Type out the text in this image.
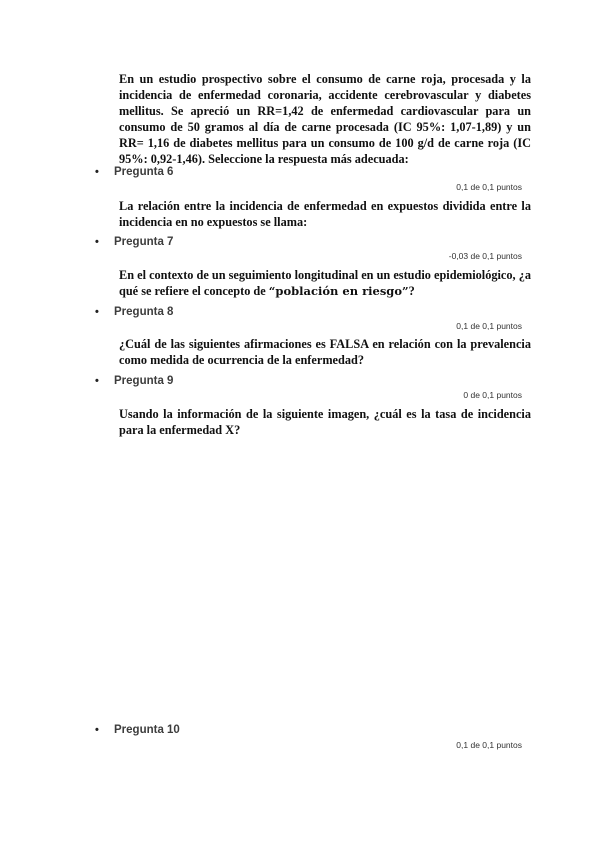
En un estudio prospectivo sobre el consumo de carne roja, procesada y la incidencia de enfermedad coronaria, accidente cerebrovascular y diabetes mellitus. Se apreció un RR=1,42 de enfermedad cardiovascular para un consumo de 50 gramos al día de carne procesada (IC 95%: 1,07-1,89) y un RR= 1,16 de diabetes mellitus para un consumo de 100 g/d de carne roja (IC 95%: 0,92-1,46). Seleccione la respuesta más adecuada:
•	Pregunta 6
0,1 de 0,1 puntos
La relación entre la incidencia de enfermedad en expuestos dividida entre la incidencia en no expuestos se llama:
•	Pregunta 7
-0,03 de 0,1 puntos
En el contexto de un seguimiento longitudinal en un estudio epidemiológico, ¿a qué se refiere el concepto de “población en riesgo”?
•	Pregunta 8
0,1 de 0,1 puntos
¿Cuál de las siguientes afirmaciones es FALSA en relación con la prevalencia como medida de ocurrencia de la enfermedad?
•	Pregunta 9
0 de 0,1 puntos
Usando la información de la siguiente imagen, ¿cuál es la tasa de incidencia para la enfermedad X?
•	Pregunta 10
0,1 de 0,1 puntos
